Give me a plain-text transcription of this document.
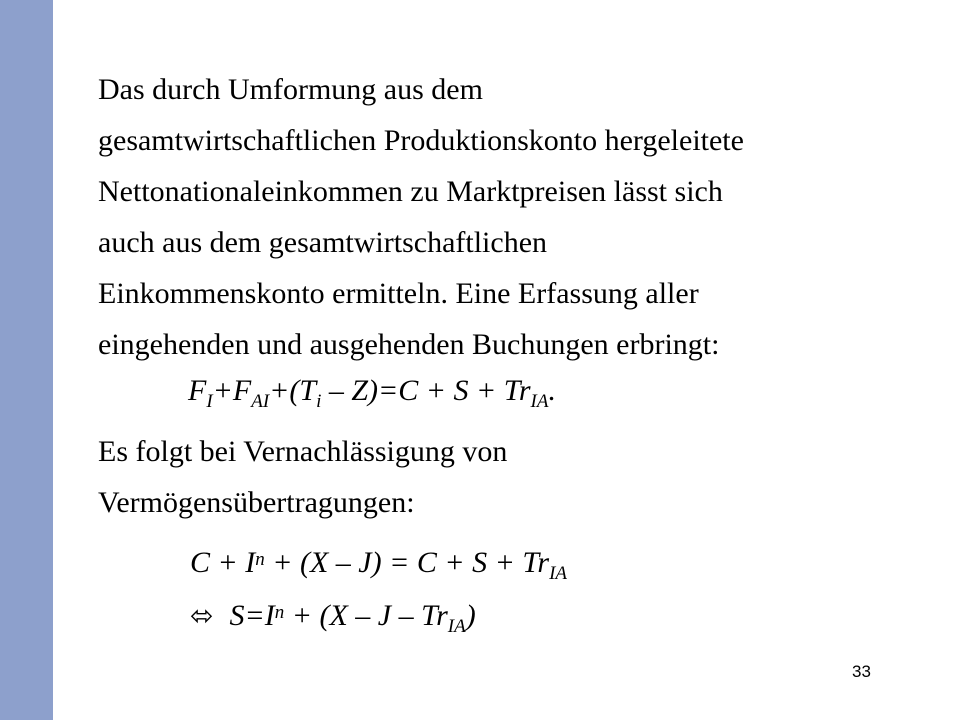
Das durch Umformung aus dem
gesamtwirtschaftlichen Produktionskonto hergeleitete
Nettonationaleinkommen zu Marktpreisen lässt sich
auch aus dem gesamtwirtschaftlichen
Einkommenskonto ermitteln. Eine Erfassung aller
eingehenden und ausgehenden Buchungen erbringt:
$F_I+F_{AI}+(T_i - Z)=C + S + Tr_{IA}$.
Es folgt bei Vernachlässigung von
Vermögensübertragungen:
$C + I^n + (X - J) = C + S + Tr_{IA}$
⬄ $S=I^n + (X - J - Tr_{IA})$
33
